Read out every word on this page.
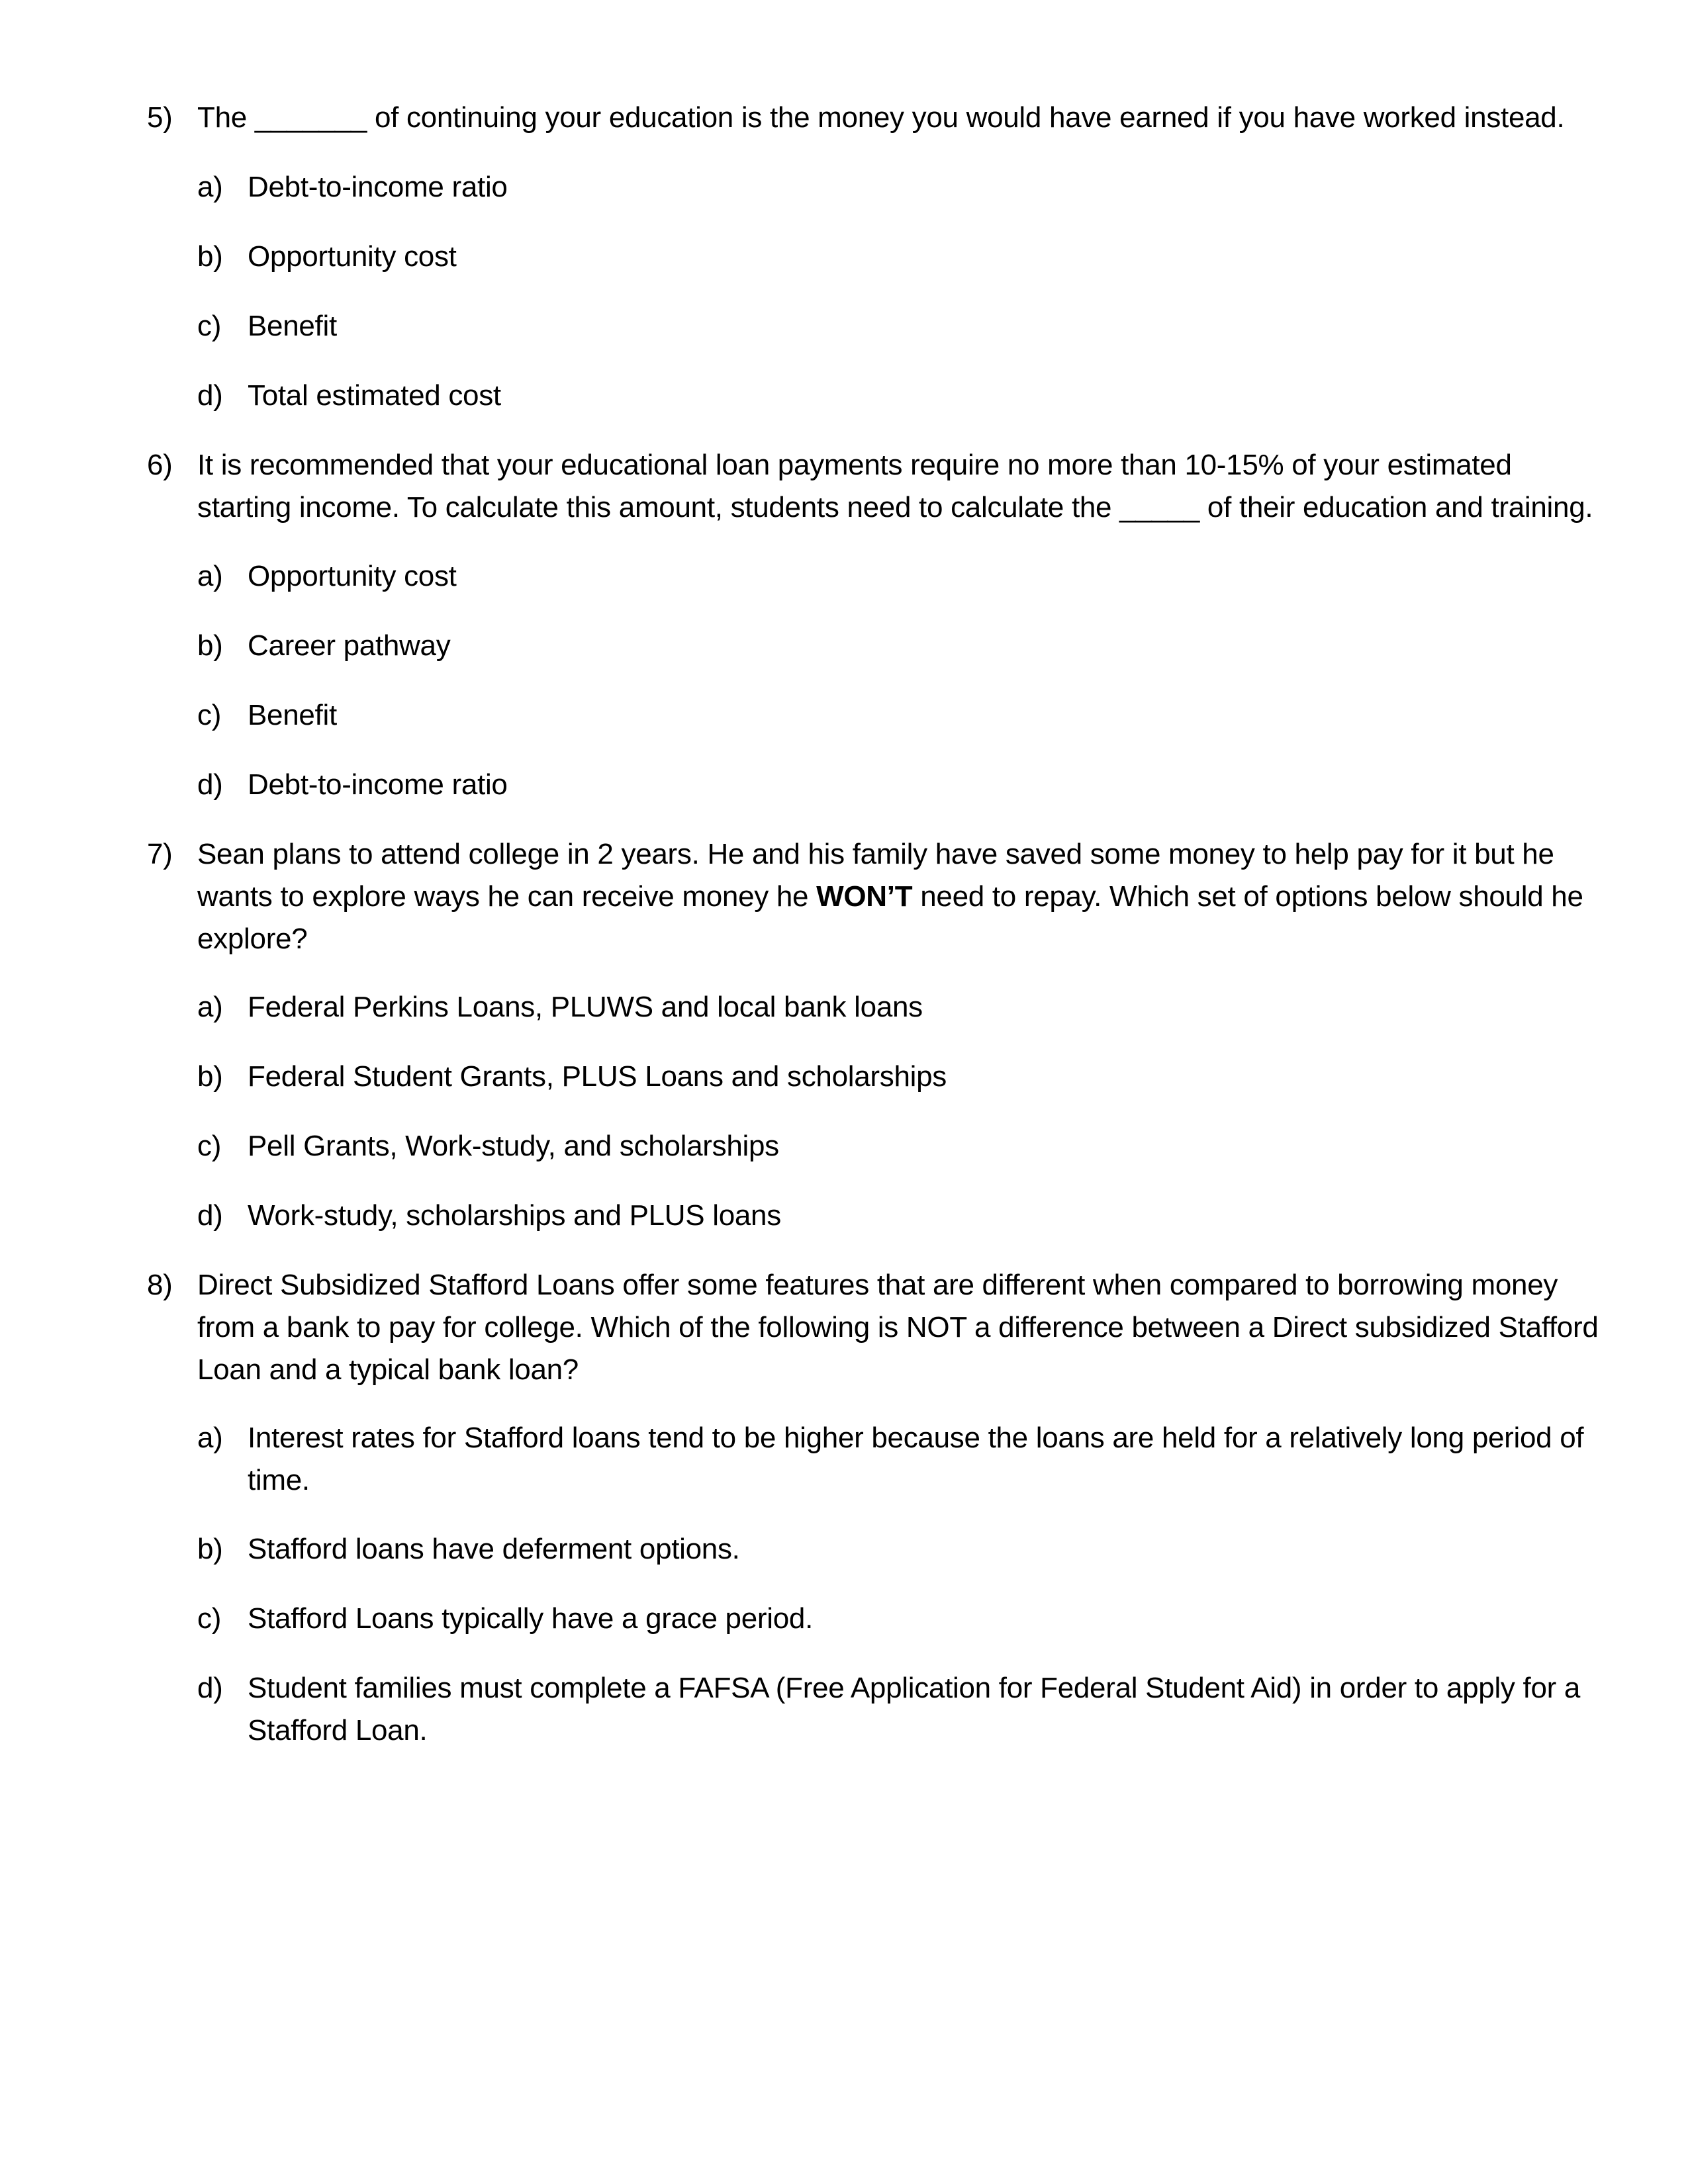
5) The _______ of continuing your education is the money you would have earned if you have worked instead.
a) Debt-to-income ratio
b) Opportunity cost
c) Benefit
d) Total estimated cost
6) It is recommended that your educational loan payments require no more than 10-15% of your estimated starting income. To calculate this amount, students need to calculate the _____ of their education and training.
a) Opportunity cost
b) Career pathway
c) Benefit
d) Debt-to-income ratio
7) Sean plans to attend college in 2 years. He and his family have saved some money to help pay for it but he wants to explore ways he can receive money he WON’T need to repay. Which set of options below should he explore?
a) Federal Perkins Loans, PLUWS and local bank loans
b) Federal Student Grants, PLUS Loans and scholarships
c) Pell Grants, Work-study, and scholarships
d) Work-study, scholarships and PLUS loans
8) Direct Subsidized Stafford Loans offer some features that are different when compared to borrowing money from a bank to pay for college. Which of the following is NOT a difference between a Direct subsidized Stafford Loan and a typical bank loan?
a) Interest rates for Stafford loans tend to be higher because the loans are held for a relatively long period of time.
b) Stafford loans have deferment options.
c) Stafford Loans typically have a grace period.
d) Student families must complete a FAFSA (Free Application for Federal Student Aid) in order to apply for a Stafford Loan.
